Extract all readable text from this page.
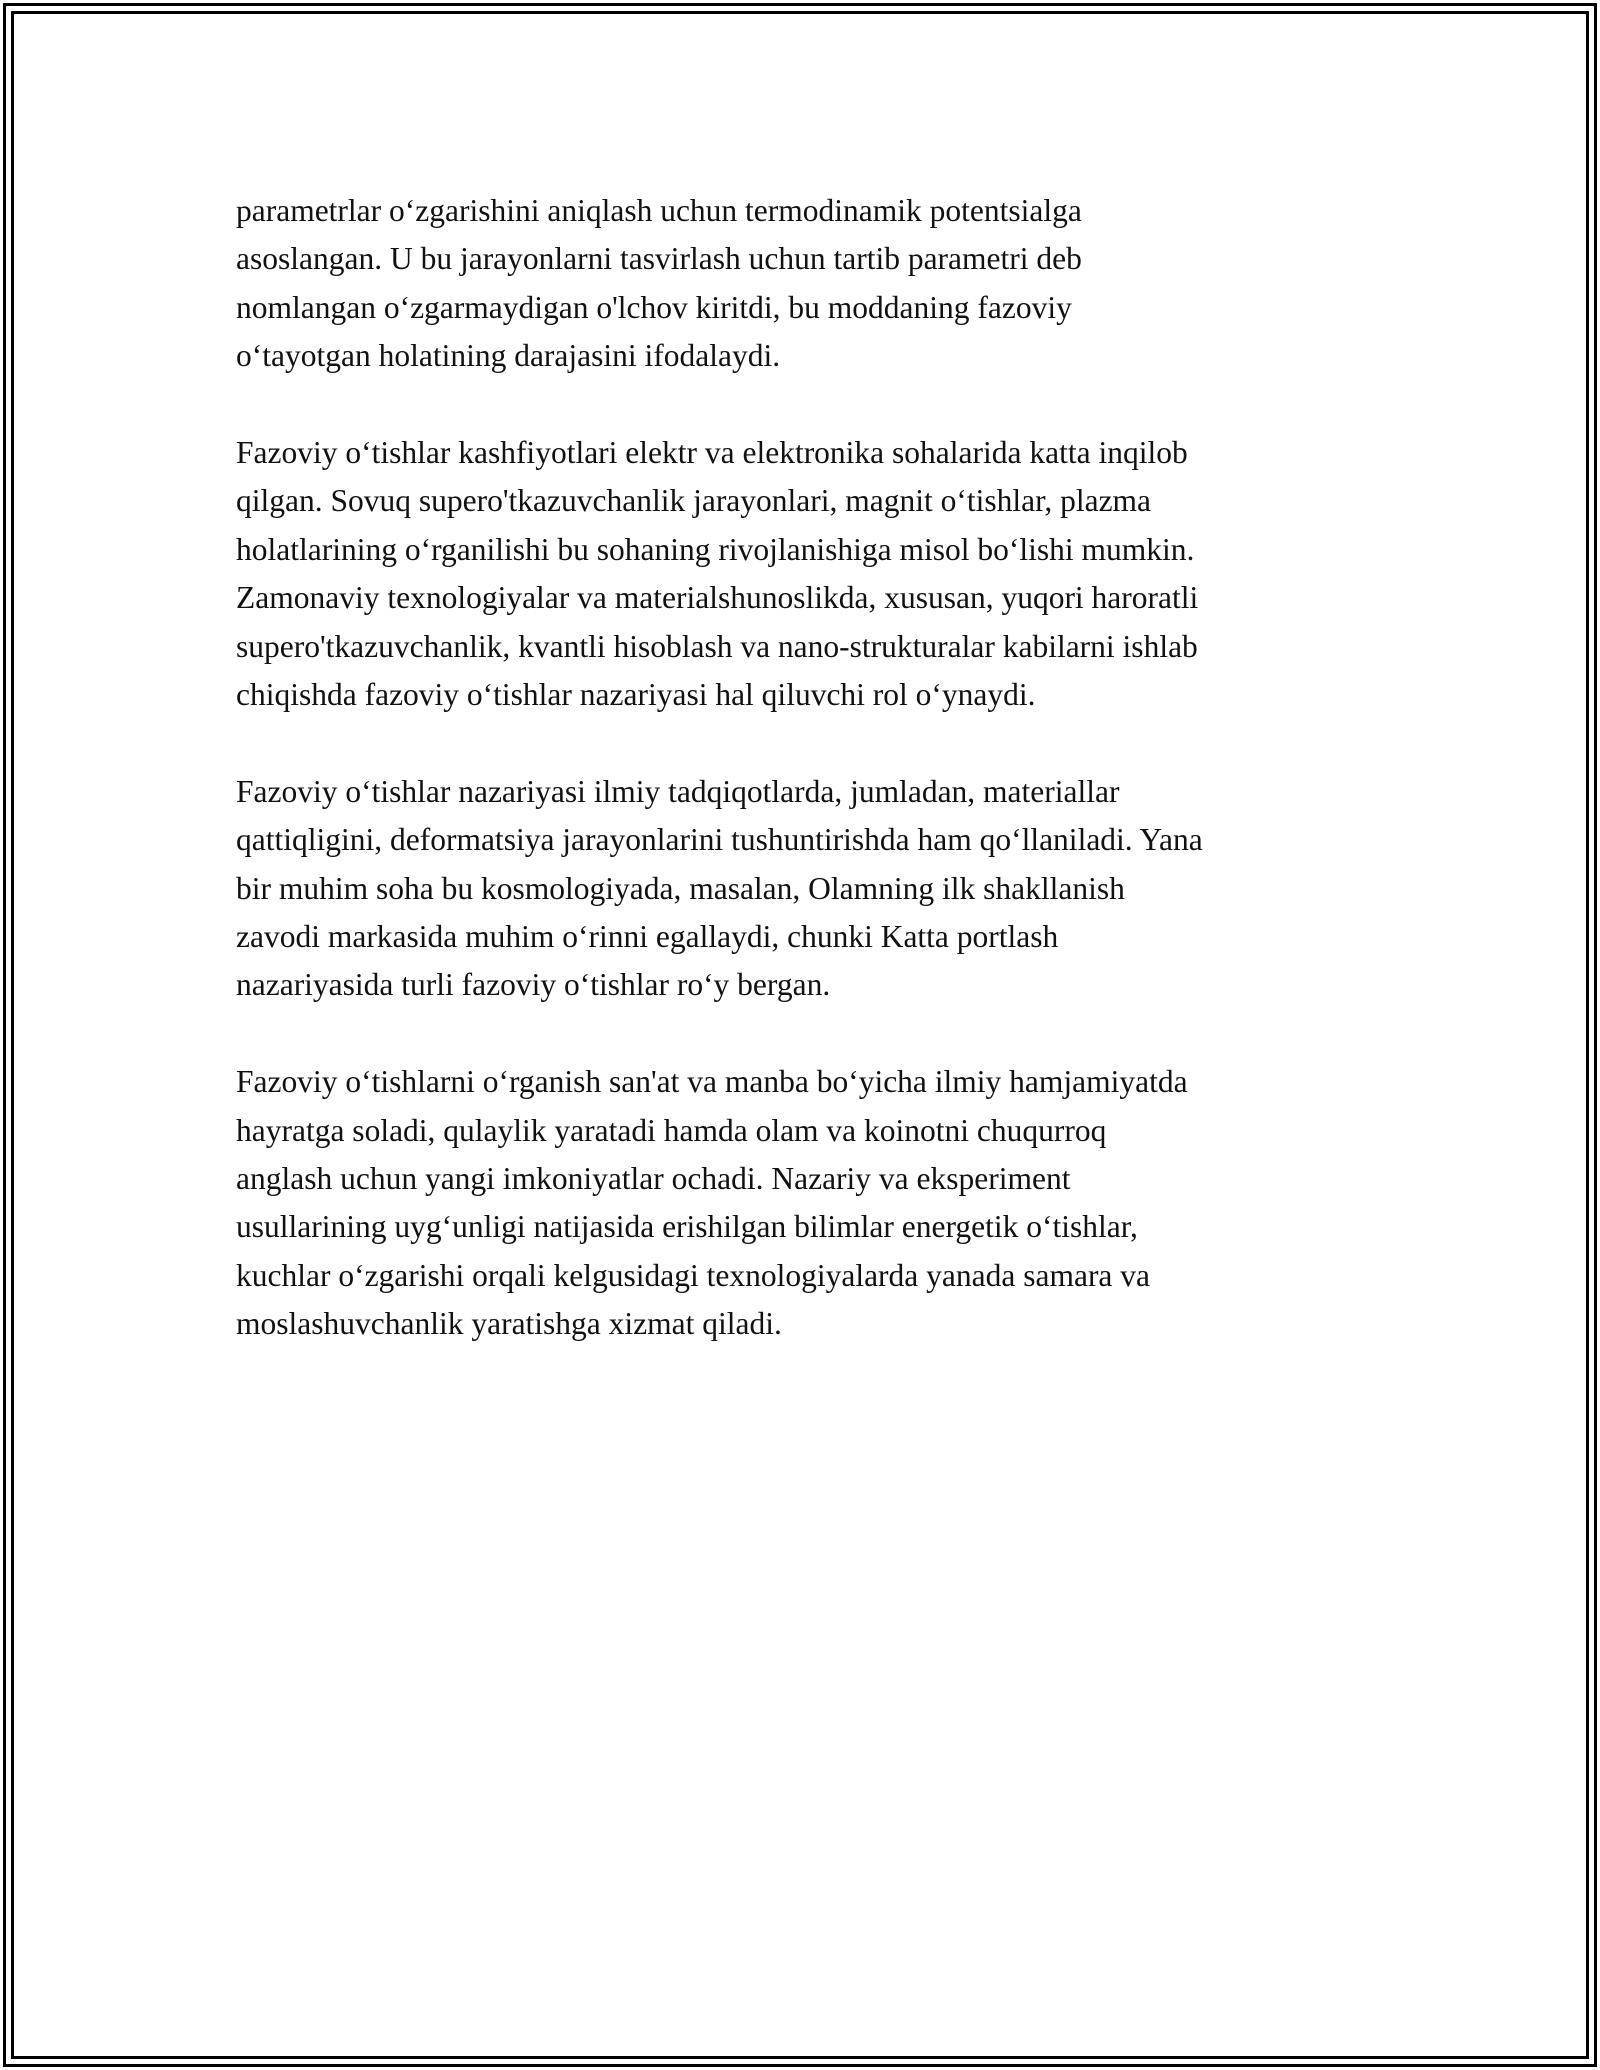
parametrlar o‘zgarishini aniqlash uchun termodinamik potentsialga
asoslangan. U bu jarayonlarni tasvirlash uchun tartib parametri deb
nomlangan o‘zgarmaydigan o'lchov kiritdi, bu moddaning fazoviy
o‘tayotgan holatining darajasini ifodalaydi.

Fazoviy o‘tishlar kashfiyotlari elektr va elektronika sohalarida katta inqilob
qilgan. Sovuq supero'tkazuvchanlik jarayonlari, magnit o‘tishlar, plazma
holatlarining o‘rganilishi bu sohaning rivojlanishiga misol bo‘lishi mumkin.
Zamonaviy texnologiyalar va materialshunoslikda, xususan, yuqori haroratli
supero'tkazuvchanlik, kvantli hisoblash va nano-strukturalar kabilarni ishlab
chiqishda fazoviy o‘tishlar nazariyasi hal qiluvchi rol o‘ynaydi.

Fazoviy o‘tishlar nazariyasi ilmiy tadqiqotlarda, jumladan, materiallar
qattiqligini, deformatsiya jarayonlarini tushuntirishda ham qo‘llaniladi. Yana
bir muhim soha bu kosmologiyada, masalan, Olamning ilk shakllanish
zavodi markasida muhim o‘rinni egallaydi, chunki Katta portlash
nazariyasida turli fazoviy o‘tishlar ro‘y bergan.

Fazoviy o‘tishlarni o‘rganish san'at va manba bo‘yicha ilmiy hamjamiyatda
hayratga soladi, qulaylik yaratadi hamda olam va koinotni chuqurroq
anglash uchun yangi imkoniyatlar ochadi. Nazariy va eksperiment
usullarining uyg‘unligi natijasida erishilgan bilimlar energetik o‘tishlar,
kuchlar o‘zgarishi orqali kelgusidagi texnologiyalarda yanada samara va
moslashuvchanlik yaratishga xizmat qiladi.
